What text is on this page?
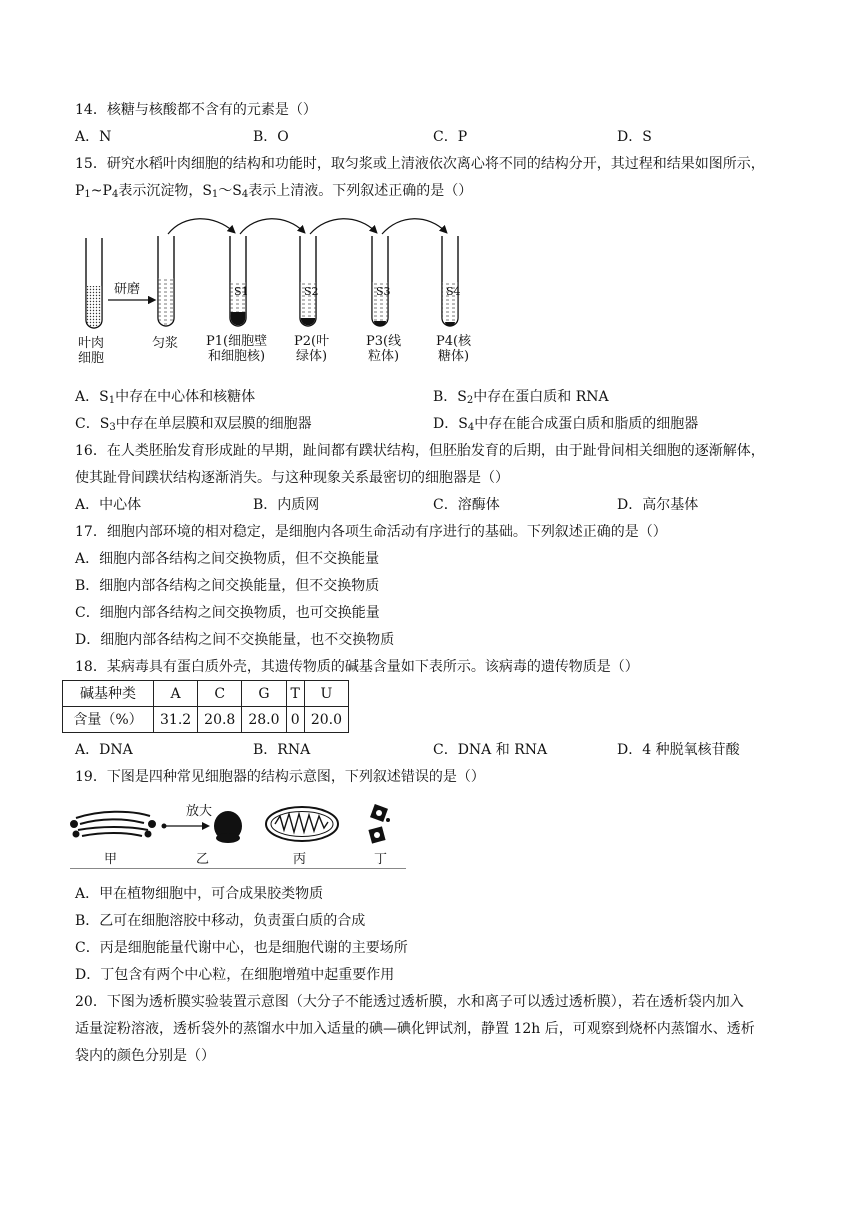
14．核糖与核酸都不含有的元素是（）
A．N	B．O	C．P	D．S
15．研究水稻叶肉细胞的结构和功能时，取匀浆或上清液依次离心将不同的结构分开，其过程和结果如图所示，
$P_1\sim P_4$表示沉淀物，$S_1\sim S_4$表示上清液。下列叙述正确的是（）
研磨	S1	S2	S3	S4
叶肉
细胞
匀浆 P1(细胞壁
和细胞核)
P2(叶
绿体)
P3(线
粒体)
P4(核
糖体)
A．$S_1$中存在中心体和核糖体	B．$S_2$中存在蛋白质和 RNA
C．$S_3$中存在单层膜和双层膜的细胞器	D．$S_4$中存在能合成蛋白质和脂质的细胞器
16．在人类胚胎发育形成趾的早期，趾间都有蹼状结构，但胚胎发育的后期，由于趾骨间相关细胞的逐渐解体，
使其趾骨间蹼状结构逐渐消失。与这种现象关系最密切的细胞器是（）
A．中心体	B．内质网	C．溶酶体	D．高尔基体
17．细胞内部环境的相对稳定，是细胞内各项生命活动有序进行的基础。下列叙述正确的是（）
A．细胞内部各结构之间交换物质，但不交换能量
B．细胞内部各结构之间交换能量，但不交换物质
C．细胞内部各结构之间交换物质，也可交换能量
D．细胞内部各结构之间不交换能量，也不交换物质
18．某病毒具有蛋白质外壳，其遗传物质的碱基含量如下表所示。该病毒的遗传物质是（）
碱基种类	A	C	G	T	U
含量（%）	31.2	20.8	28.0	0	20.0
A．DNA	B．RNA	C．DNA 和 RNA	D．4 种脱氧核苷酸
19．下图是四种常见细胞器的结构示意图，下列叙述错误的是（）
放大
甲	乙	丙	丁
A．甲在植物细胞中，可合成果胶类物质
B．乙可在细胞溶胶中移动，负责蛋白质的合成
C．丙是细胞能量代谢中心，也是细胞代谢的主要场所
D．丁包含有两个中心粒，在细胞增殖中起重要作用
20．下图为透析膜实验装置示意图（大分子不能透过透析膜，水和离子可以透过透析膜），若在透析袋内加入
适量淀粉溶液，透析袋外的蒸馏水中加入适量的碘—碘化钾试剂，静置 12h 后，可观察到烧杯内蒸馏水、透析
袋内的颜色分别是（）
